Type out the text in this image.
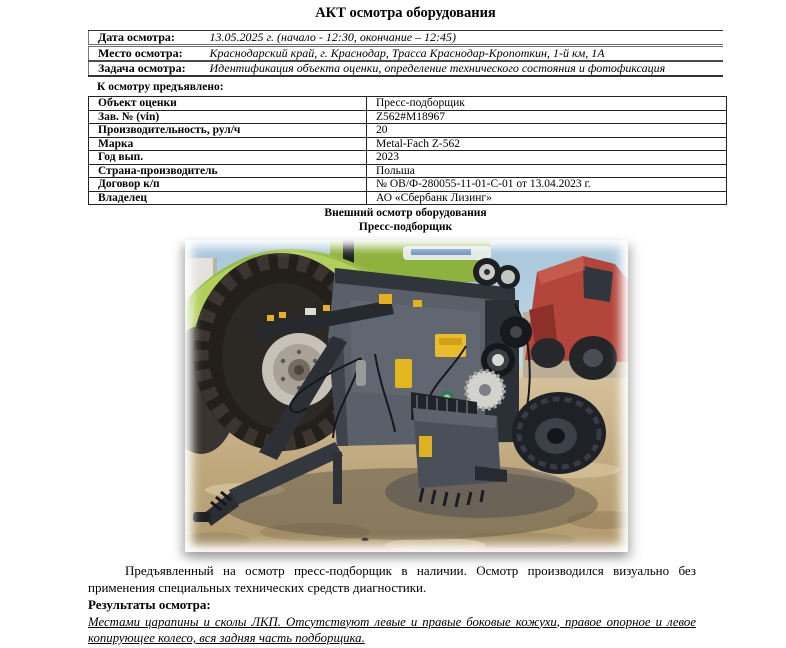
АКТ осмотра оборудования
Дата осмотра:	13.05.2025 г. (начало - 12:30, окончание – 12:45)
Место осмотра:	Краснодарский край, г. Краснодар, Трасса Краснодар-Кропоткин, 1-й км, 1А
Задача осмотра:	Идентификация объекта оценки, определение технического состояния и фотофиксация
К осмотру предъявлено:
Объект оценки	Пресс-подборщик
Зав. № (vin)	Z562#M18967
Производительность, рул/ч	20
Марка	Metal-Fach Z-562
Год вып.	2023
Страна-производитель	Польша
Договор к/п	№ ОВ/Ф-280055-11-01-С-01 от 13.04.2023 г.
Владелец	АО «Сбербанк Лизинг»
Внешний осмотр оборудования
Пресс-подборщик
Предъявленный на осмотр пресс-подборщик в наличии. Осмотр производился визуально без применения специальных технических средств диагностики.
Результаты осмотра:
Местами царапины и сколы ЛКП. Отсутствуют левые и правые боковые кожухи, правое опорное и левое копирующее колесо, вся задняя часть подборщика.
